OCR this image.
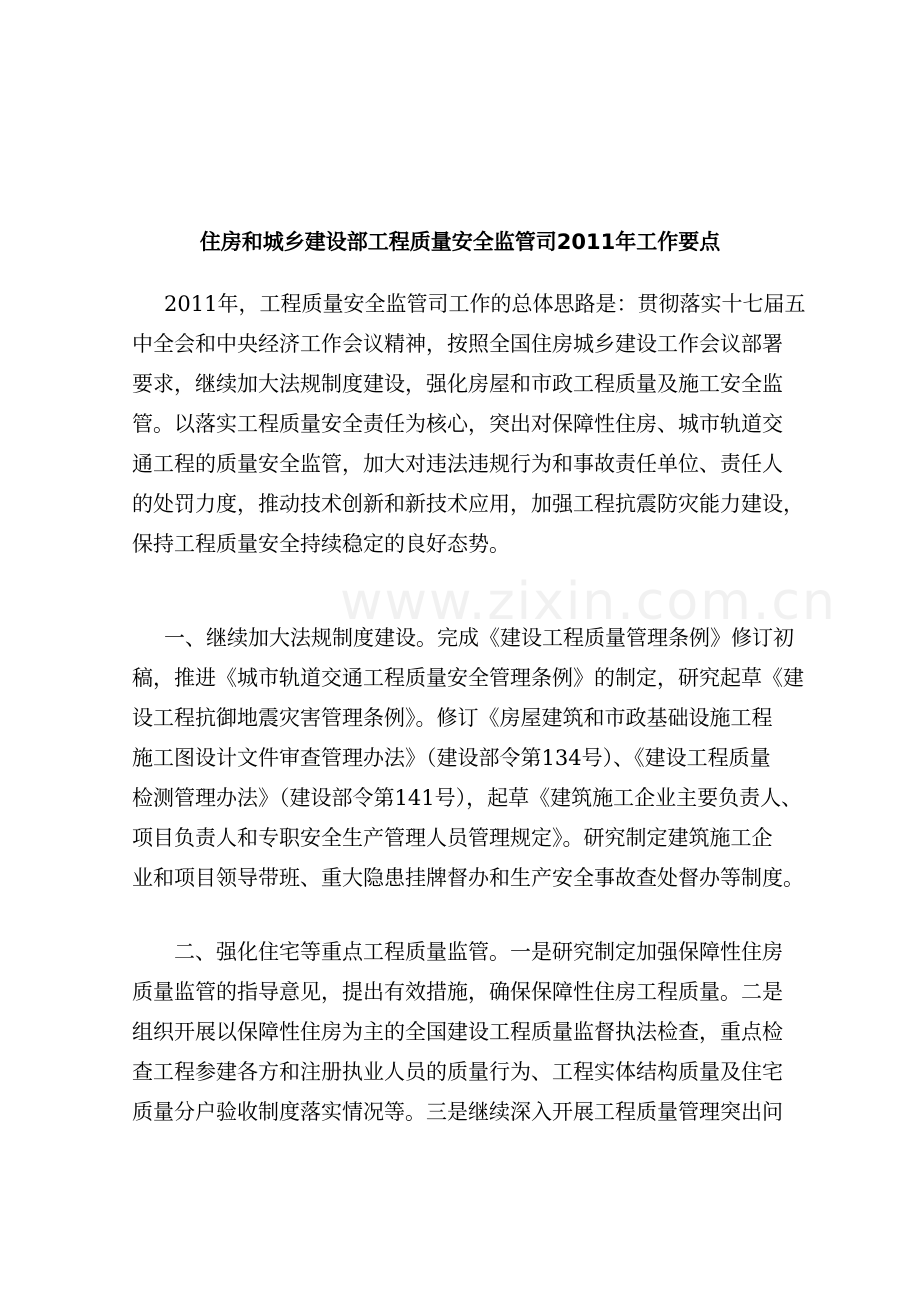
www.zixin.com.cn
住房和城乡建设部工程质量安全监管司2011年工作要点
2011年，工程质量安全监管司工作的总体思路是：贯彻落实十七届五
中全会和中央经济工作会议精神，按照全国住房城乡建设工作会议部署
要求，继续加大法规制度建设，强化房屋和市政工程质量及施工安全监
管。以落实工程质量安全责任为核心，突出对保障性住房、城市轨道交
通工程的质量安全监管，加大对违法违规行为和事故责任单位、责任人
的处罚力度，推动技术创新和新技术应用，加强工程抗震防灾能力建设，
保持工程质量安全持续稳定的良好态势。
一、继续加大法规制度建设。完成《建设工程质量管理条例》修订初
稿，推进《城市轨道交通工程质量安全管理条例》的制定，研究起草《建
设工程抗御地震灾害管理条例》。修订《房屋建筑和市政基础设施工程
施工图设计文件审查管理办法》（建设部令第134号）、《建设工程质量
检测管理办法》（建设部令第141号），起草《建筑施工企业主要负责人、
项目负责人和专职安全生产管理人员管理规定》。研究制定建筑施工企
业和项目领导带班、重大隐患挂牌督办和生产安全事故查处督办等制度。
二、强化住宅等重点工程质量监管。一是研究制定加强保障性住房
质量监管的指导意见，提出有效措施，确保保障性住房工程质量。二是
组织开展以保障性住房为主的全国建设工程质量监督执法检查，重点检
查工程参建各方和注册执业人员的质量行为、工程实体结构质量及住宅
质量分户验收制度落实情况等。三是继续深入开展工程质量管理突出问
